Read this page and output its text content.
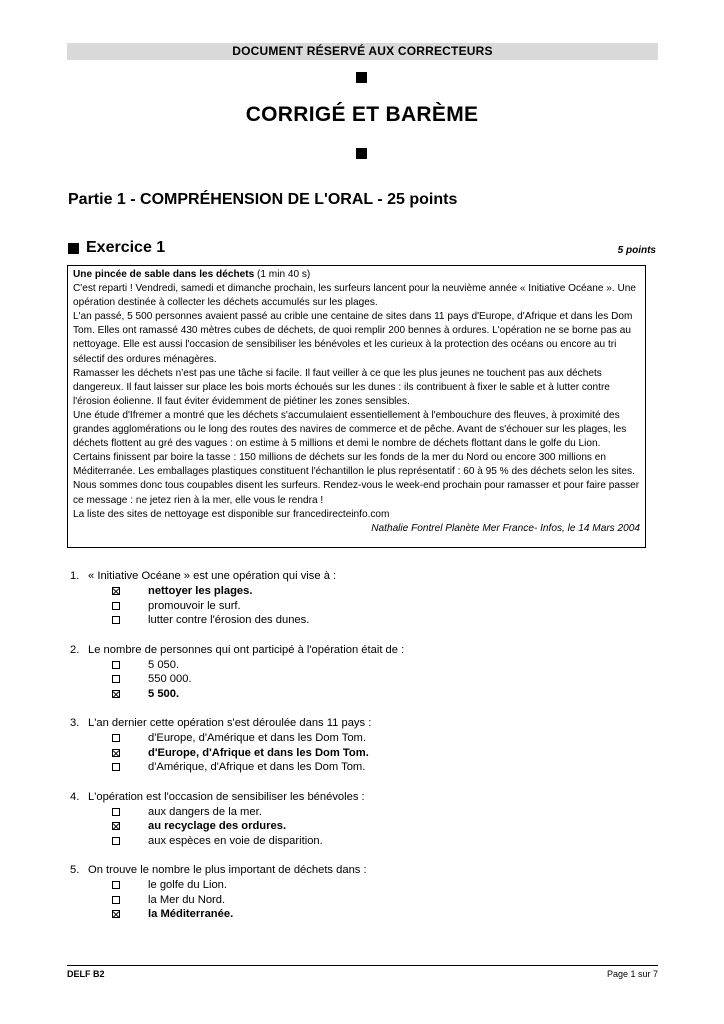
DOCUMENT RÉSERVÉ AUX CORRECTEURS
CORRIGÉ ET BARÈME
Partie 1 - COMPRÉHENSION DE L'ORAL - 25 points
Exercice 1	5 points

Une pincée de sable dans les déchets (1 min 40 s)

C'est reparti ! Vendredi, samedi et dimanche prochain, les surfeurs lancent pour la neuvième année « Initiative Océane ». Une opération destinée à collecter les déchets accumulés sur les plages.

L'an passé, 5 500 personnes avaient passé au crible une centaine de sites dans 11 pays d'Europe, d'Afrique et dans les Dom Tom. Elles ont ramassé 430 mètres cubes de déchets, de quoi remplir 200 bennes à ordures. L'opération ne se borne pas au nettoyage. Elle est aussi l'occasion de sensibiliser les bénévoles et les curieux à la protection des océans ou encore au tri sélectif des ordures ménagères.

Ramasser les déchets n'est pas une tâche si facile. Il faut veiller à ce que les plus jeunes ne touchent pas aux déchets dangereux. Il faut laisser sur place les bois morts échoués sur les dunes : ils contribuent à fixer le sable et à lutter contre l'érosion éolienne. Il faut éviter évidemment de piétiner les zones sensibles.

Une étude d'Ifremer a montré que les déchets s'accumulaient essentiellement à l'embouchure des fleuves, à proximité des grandes agglomérations ou le long des routes des navires de commerce et de pêche. Avant de s'échouer sur les plages, les déchets flottent au gré des vagues : on estime à 5 millions et demi le nombre de déchets flottant dans le golfe du Lion. Certains finissent par boire la tasse : 150 millions de déchets sur les fonds de la mer du Nord ou encore 300 millions en Méditerranée. Les emballages plastiques constituent l'échantillon le plus représentatif : 60 à 95 % des déchets selon les sites.

Nous sommes donc tous coupables disent les surfeurs. Rendez-vous le week-end prochain pour ramasser et pour faire passer ce message : ne jetez rien à la mer, elle vous le rendra !

La liste des sites de nettoyage est disponible sur francedirecteinfo.com

Nathalie Fontrel Planète Mer France- Infos, le 14 Mars 2004

1. « Initiative Océane » est une opération qui vise à :
nettoyer les plages.
promouvoir le surf.
lutter contre l'érosion des dunes.
2. Le nombre de personnes qui ont participé à l'opération était de :
5 050.
550 000.
5 500.
3. L'an dernier cette opération s'est déroulée dans 11 pays :
d'Europe, d'Amérique et dans les Dom Tom.
d'Europe, d'Afrique et dans les Dom Tom.
d'Amérique, d'Afrique et dans les Dom Tom.
4. L'opération est l'occasion de sensibiliser les bénévoles :
aux dangers de la mer.
au recyclage des ordures.
aux espèces en voie de disparition.
5. On trouve le nombre le plus important de déchets dans :
le golfe du Lion.
la Mer du Nord.
la Méditerranée.
DELF B2	Page 1 sur 7
